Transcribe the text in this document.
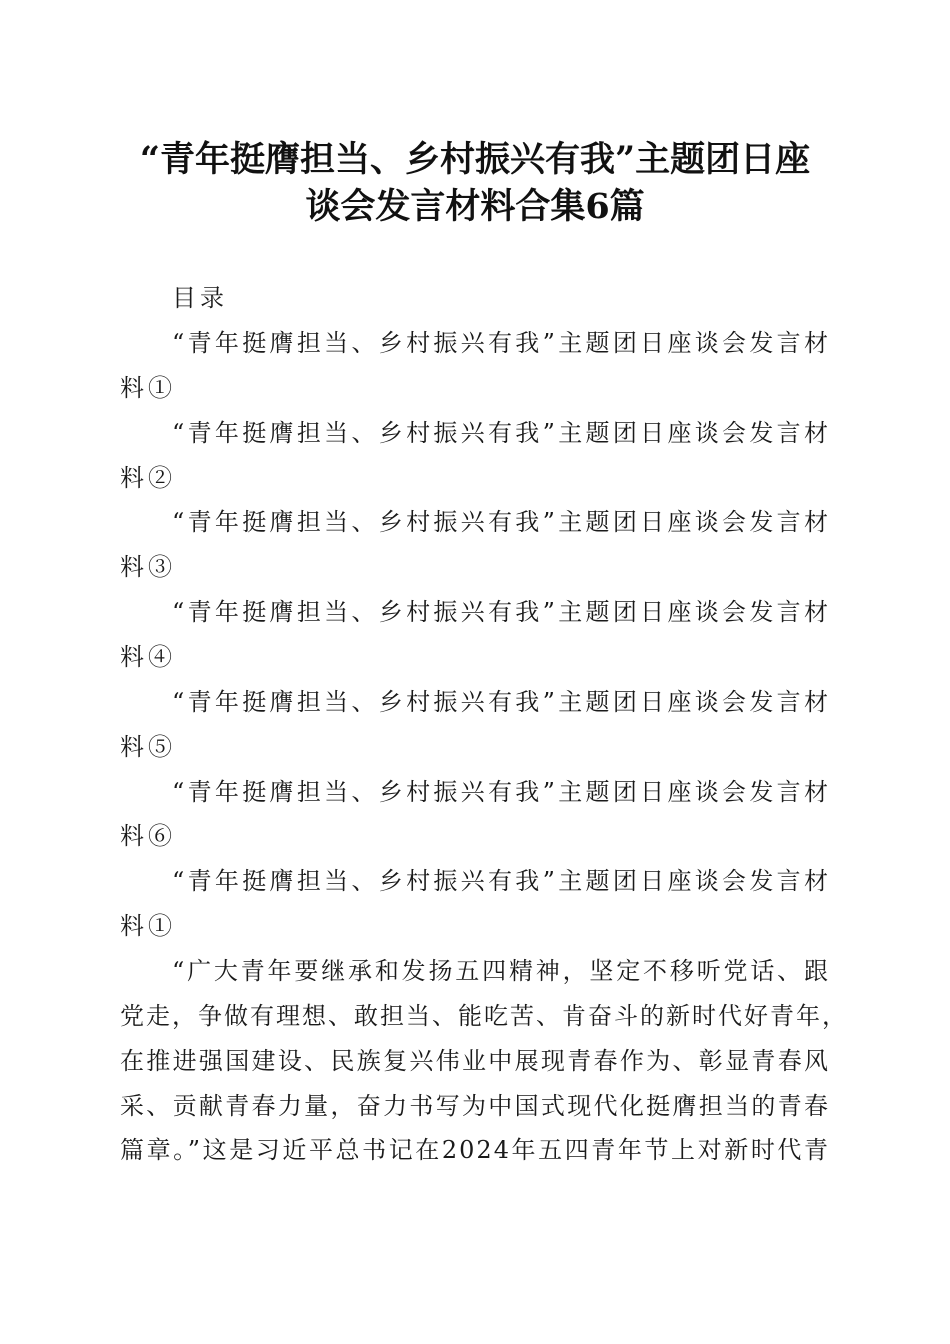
“青年挺膺担当、乡村振兴有我”主题团日座
谈会发言材料合集6篇
目录
“青年挺膺担当、乡村振兴有我”主题团日座谈会发言材
料①
“青年挺膺担当、乡村振兴有我”主题团日座谈会发言材
料②
“青年挺膺担当、乡村振兴有我”主题团日座谈会发言材
料③
“青年挺膺担当、乡村振兴有我”主题团日座谈会发言材
料④
“青年挺膺担当、乡村振兴有我”主题团日座谈会发言材
料⑤
“青年挺膺担当、乡村振兴有我”主题团日座谈会发言材
料⑥
“青年挺膺担当、乡村振兴有我”主题团日座谈会发言材
料①
“广大青年要继承和发扬五四精神，坚定不移听党话、跟
党走，争做有理想、敢担当、能吃苦、肯奋斗的新时代好青年，
在推进强国建设、民族复兴伟业中展现青春作为、彰显青春风
采、贡献青春力量，奋力书写为中国式现代化挺膺担当的青春
篇章。”这是习近平总书记在2024年五四青年节上对新时代青
